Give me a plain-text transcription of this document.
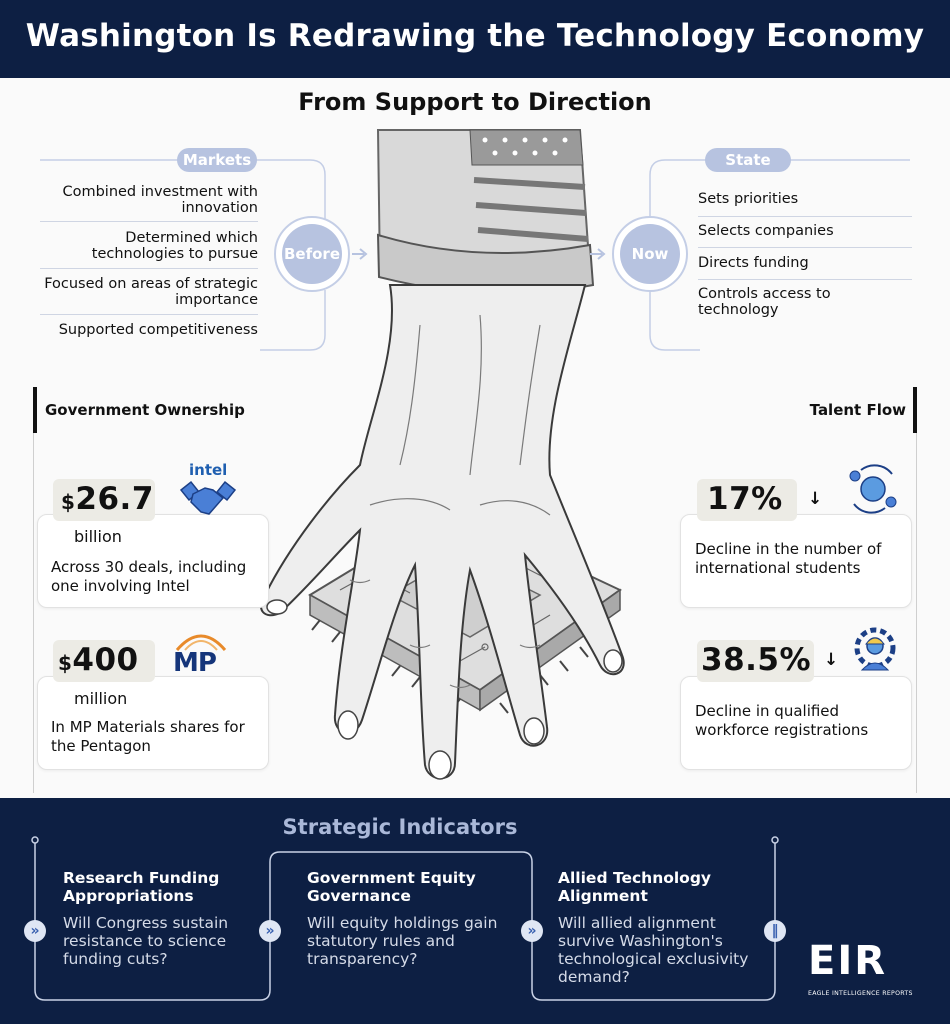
Washington Is Redrawing the Technology Economy
From Support to Direction
Markets
Before
Combined investment with innovation
Determined which technologies to pursue
Focused on areas of strategic importance
Supported competitiveness
State
Now
Sets priorities
Selects companies
Directs funding
Controls access to technology
Government Ownership
$26.7
billion
Across 30 deals, including one involving Intel
intel
$400
million
In MP Materials shares for the Pentagon
MP
Talent Flow
17% ↓
Decline in the number of international students
38.5% ↓
Decline in qualified workforce registrations
Strategic Indicators
»
Research Funding Appropriations
Will Congress sustain resistance to science funding cuts?
»
Government Equity Governance
Will equity holdings gain statutory rules and transparency?
»
Allied Technology Alignment
Will allied alignment survive Washington's technological exclusivity demand?
‖
EIR
EAGLE INTELLIGENCE REPORTS
